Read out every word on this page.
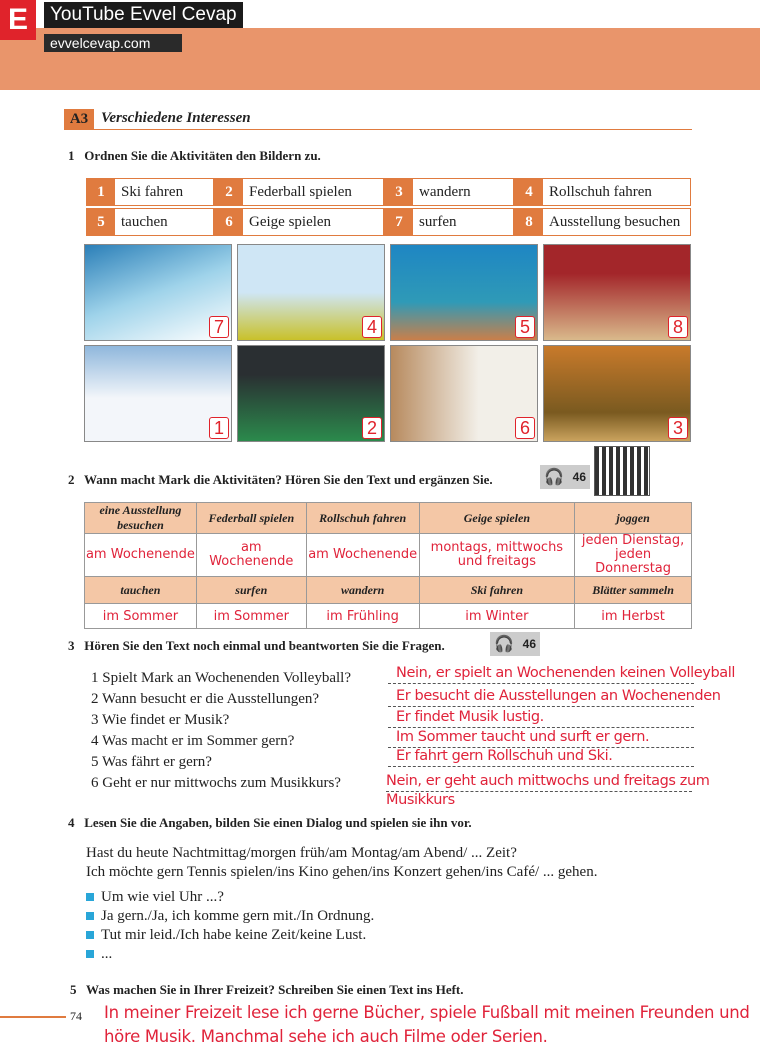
E	YouTube Evvel Cevap
evvelcevap.com
A3 Verschiedene Interessen
1 Ordnen Sie die Aktivitäten den Bildern zu.
1	Ski fahren	2	Federball spielen	3	wandern	4	Rollschuh fahren
5	tauchen	6	Geige spielen	7	surfen	8	Ausstellung besuchen
7	4	5	8
1	2	6	3
2 Wann macht Mark die Aktivitäten? Hören Sie den Text und ergänzen Sie.	🎧 46
eine Ausstellung besuchen	Federball spielen	Rollschuh fahren	Geige spielen	joggen
am Wochenende	am Wochenende	am Wochenende	montags, mittwochs und freitags	jeden Dienstag, jeden Donnerstag
tauchen	surfen	wandern	Ski fahren	Blätter sammeln
im Sommer	im Sommer	im Frühling	im Winter	im Herbst
3 Hören Sie den Text noch einmal und beantworten Sie die Fragen.	🎧 46
1 Spielt Mark an Wochenenden Volleyball?
2 Wann besucht er die Ausstellungen?
3 Wie findet er Musik?
4 Was macht er im Sommer gern?
5 Was fährt er gern?
6 Geht er nur mittwochs zum Musikkurs?
Nein, er spielt an Wochenenden keinen Volleyball
Er besucht die Ausstellungen an Wochenenden
Er findet Musik lustig.
Im Sommer taucht und surft er gern.
Er fahrt gern Rollschuh und Ski.
Nein, er geht auch mittwochs und freitags zum
Musikkurs
4 Lesen Sie die Angaben, bilden Sie einen Dialog und spielen sie ihn vor.
Hast du heute Nachtmittag/morgen früh/am Montag/am Abend/ ... Zeit?
Ich möchte gern Tennis spielen/ins Kino gehen/ins Konzert gehen/ins Café/ ... gehen.
Um wie viel Uhr ...?
Ja gern./Ja, ich komme gern mit./In Ordnung.
Tut mir leid./Ich habe keine Zeit/keine Lust.
...
5 Was machen Sie in Ihrer Freizeit? Schreiben Sie einen Text ins Heft.
74 In meiner Freizeit lese ich gerne Bücher, spiele Fußball mit meinen Freunden und
höre Musik. Manchmal sehe ich auch Filme oder Serien.
